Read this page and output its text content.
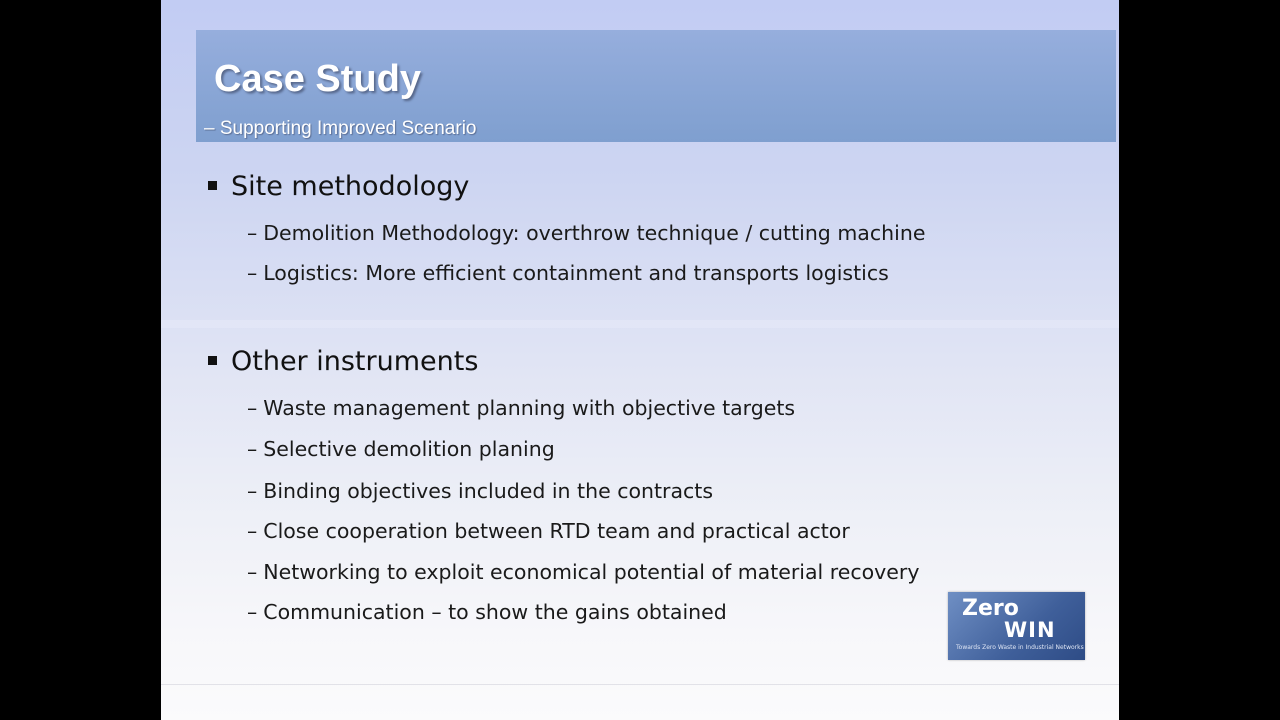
Case Study

– Supporting Improved Scenario

Site methodology
– Demolition Methodology: overthrow technique / cutting machine
– Logistics: More efficient containment and transports logistics
Other instruments
– Waste management planning with objective targets
– Selective demolition planing
– Binding objectives included in the contracts
– Close cooperation between RTD team and practical actor
– Networking to exploit economical potential of material recovery
– Communication – to show the gains obtained	Zero
WIN
Towards Zero Waste in Industrial Networks
